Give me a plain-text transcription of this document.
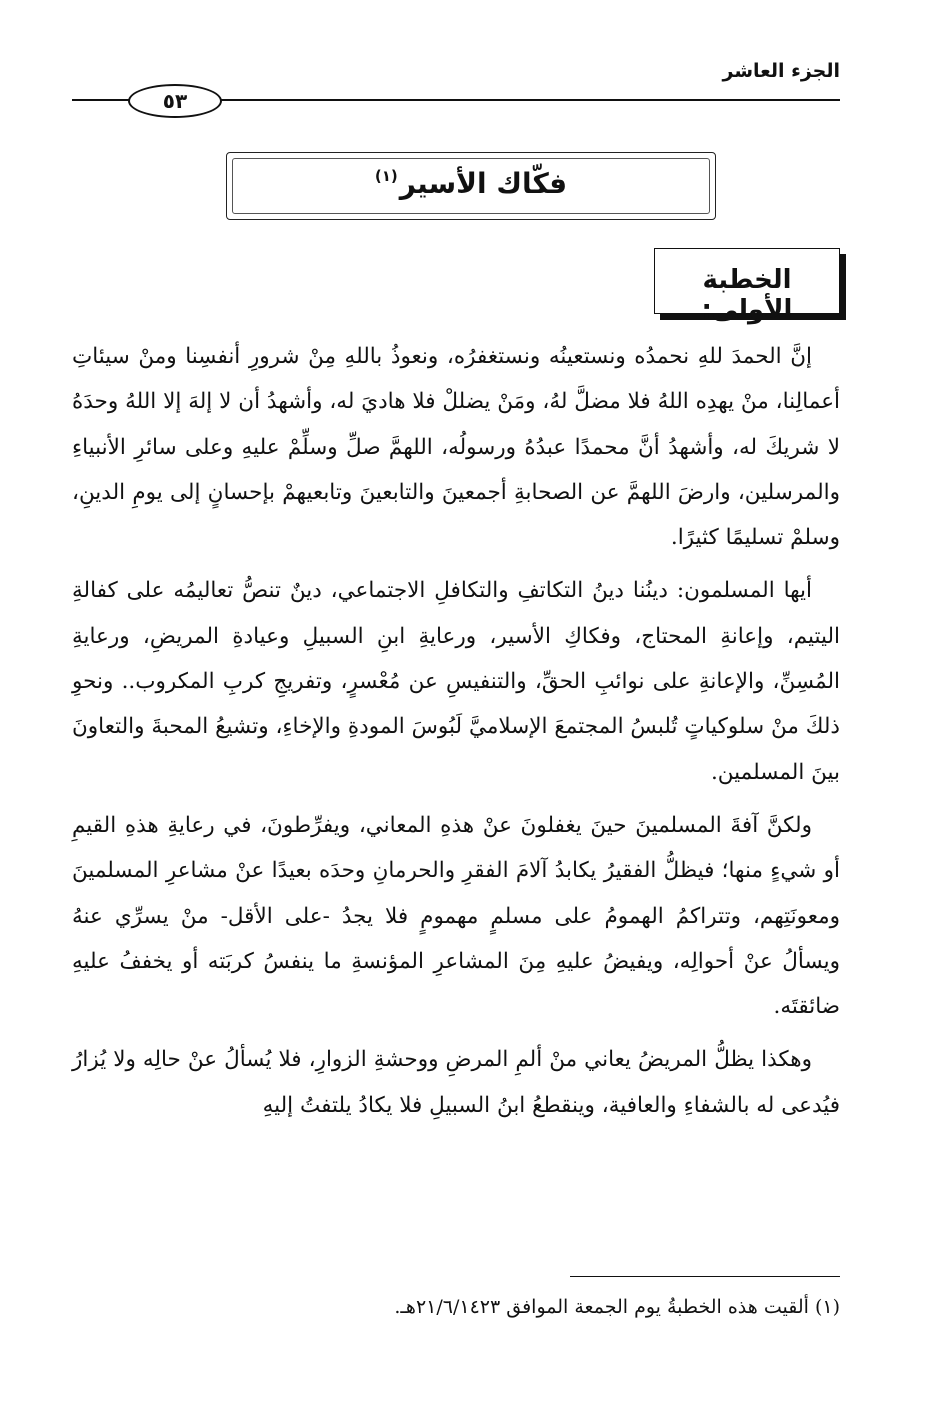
الجزء العاشر
٥٣
فكّاك الأسير$^{(١)}$
الخطبة الأولى:

إنَّ الحمدَ للهِ نحمدُه ونستعينُه ونستغفرُه، ونعوذُ باللهِ مِنْ شرورِ أنفسِنا ومنْ سيئاتِ أعمالِنا، منْ يهدِه اللهُ فلا مضلَّ لهُ، ومَنْ يضللْ فلا هاديَ له، وأشهدُ أن لا إلهَ إلا اللهُ وحدَهُ لا شريكَ له، وأشهدُ أنَّ محمدًا عبدُهُ ورسولُه، اللهمَّ صلِّ وسلِّمْ عليهِ وعلى سائرِ الأنبياءِ والمرسلين، وارضَ اللهمَّ عن الصحابةِ أجمعينَ والتابعينَ وتابعيهمْ بإحسانٍ إلى يومِ الدينِ، وسلمْ تسليمًا كثيرًا.

أيها المسلمون: دينُنا دينُ التكاتفِ والتكافلِ الاجتماعي، دينٌ تنصُّ تعاليمُه على كفالةِ اليتيم، وإعانةِ المحتاج، وفكاكِ الأسير، ورعايةِ ابنِ السبيلِ وعيادةِ المريضِ، ورعايةِ المُسِنِّ، والإعانةِ على نوائبِ الحقِّ، والتنفيسِ عن مُعْسرٍ، وتفريجِ كربِ المكروب.. ونحوِ ذلكَ منْ سلوكياتٍ تُلبسُ المجتمعَ الإسلاميَّ لَبُوسَ المودةِ والإخاءِ، وتشيعُ المحبةَ والتعاونَ بينَ المسلمين.

ولكنَّ آفةَ المسلمينَ حينَ يغفلونَ عنْ هذهِ المعاني، ويفرِّطونَ، في رعايةِ هذهِ القيمِ أو شيءٍ منها؛ فيظلُّ الفقيرُ يكابدُ آلامَ الفقرِ والحرمانِ وحدَه بعيدًا عنْ مشاعرِ المسلمينَ ومعونَتِهم، وتتراكمُ الهمومُ على مسلمٍ مهمومٍ فلا يجدُ -على الأقل- منْ يسرِّي عنهُ ويسألُ عنْ أحوالِه، ويفيضُ عليهِ مِنَ المشاعرِ المؤنسةِ ما ينفسُ كربَته أو يخففُ عليهِ ضائقتَه.

وهكذا يظلُّ المريضُ يعاني منْ ألمِ المرضِ ووحشةِ الزوارِ، فلا يُسألُ عنْ حالِه ولا يُزارُ فيُدعى له بالشفاءِ والعافية، وينقطعُ ابنُ السبيلِ فلا يكادُ يلتفتُ إليهِ

(١) ألقيت هذه الخطبةُ يوم الجمعة الموافق ٢١/٦/١٤٢٣هـ.
